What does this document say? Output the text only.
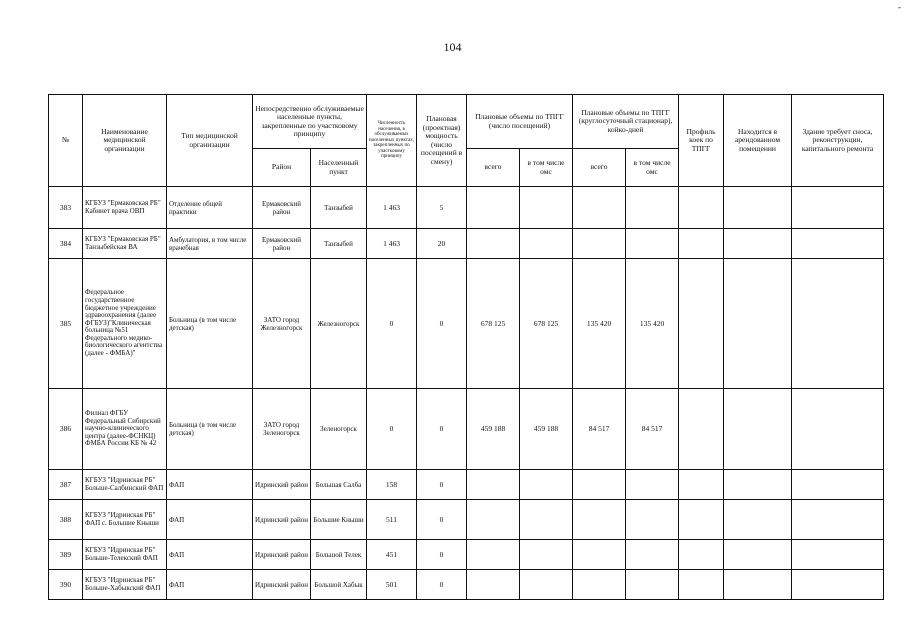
104
-
№	Наименование медицинской организации	Тип медицинской организации	Непосредственно обслуживаемые населенные пункты, закрепленные по участковому принципу		Численность населения, в обслуживаемых населенных пунктах, закрепленных по участковому принципу	Плановая (проектная) мощность (число посещений в смену)	Плановые объемы по ТПГГ (число посещений)		Плановые объемы по ТПГГ (круглосуточный стационар), койко-дней		Профиль коек по ТПГГ	Находится в арендованном помещении	Здание требует сноса, реконструкции, капитального ремонта
			Район	Населенный пункт			всего	в том числе омс	всего	в том числе омс			
383	КГБУЗ "Ермаковская РБ" Кабинет врача ОВП	Отделение общей практики	Ермаковский район	Танзыбей	1 463	5							
384	КГБУЗ "Ермаковская РБ" Танзыбейская ВА	Амбулатория, в том числе врачебная	Ермаковский район	Танзыбей	1 463	20							
385	Федеральное государственное бюджетное учреждение здравоохранения (далее ФГБУЗ)"Клиническая больница №51 Федерального медико-биологического агентства (далее - ФМБА)"	Больница (в том числе детская)	ЗАТО город Железногорск	Железногорск	0	0	678 125	678 125	135 420	135 420			
386	Филиал ФГБУ Федеральный Сибирский научно-клинического центра (далее-ФСНКЦ) ФМБА России КБ № 42	Больница (в том числе детская)	ЗАТО город Зеленогорск	Зеленогорск	0	0	459 188	459 188	84 517	84 517			
387	КГБУЗ "Идринская РБ" Больше-Салбинский ФАП	ФАП	Идринский район	Большая Салба	158	0							
388	КГБУЗ "Идринская РБ" ФАП с. Большие Кныши	ФАП	Идринский район	Большие Кныши	511	0							
389	КГБУЗ "Идринская РБ" Больше-Телекский ФАП	ФАП	Идринский район	Большой Телек	451	0							
390	КГБУЗ "Идринская РБ" Больше-Хабыкский ФАП	ФАП	Идринский район	Большой Хабык	501	0							
